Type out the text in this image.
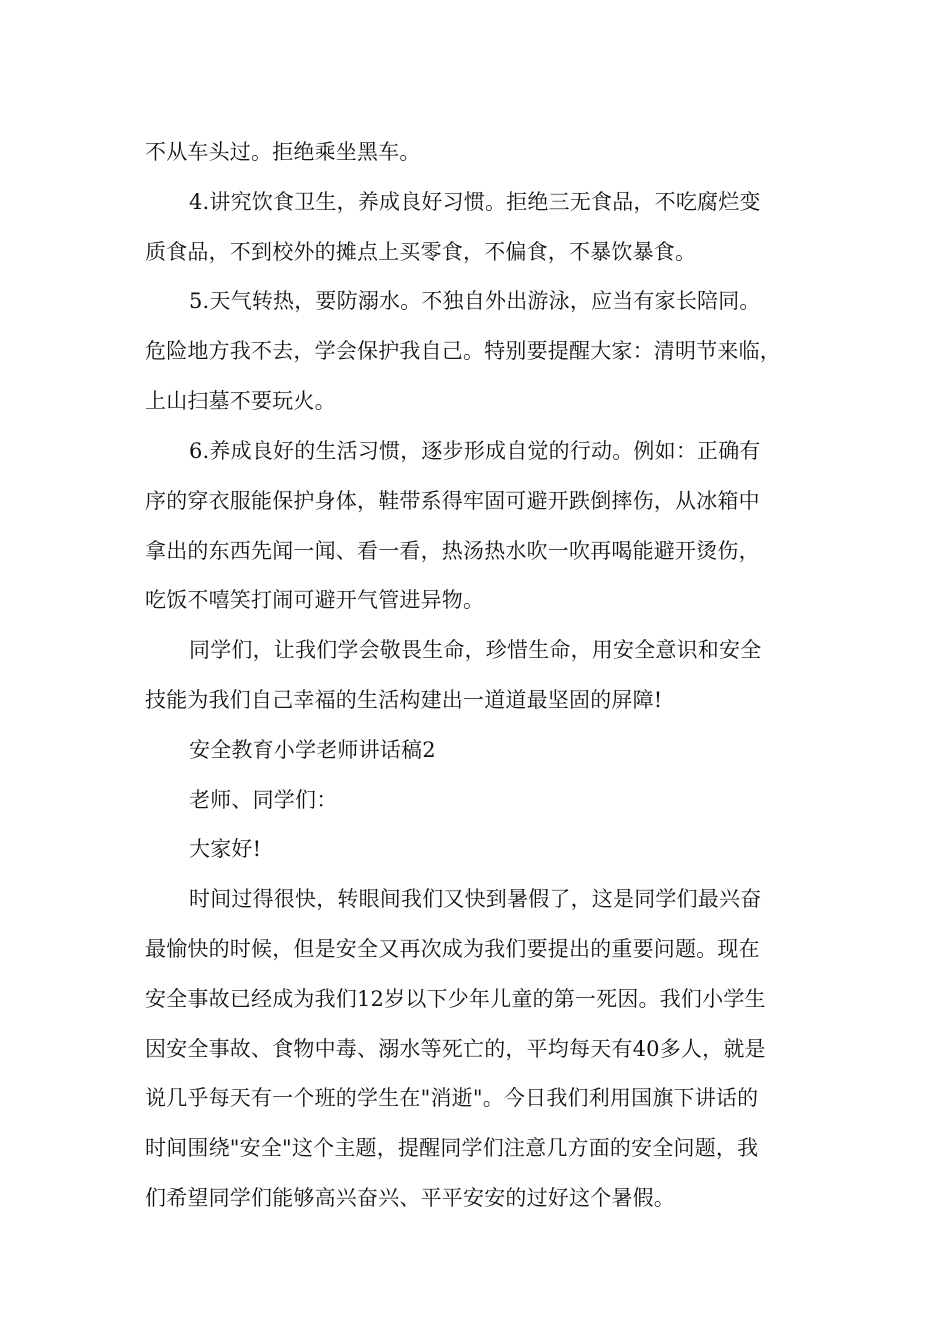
不从车头过。拒绝乘坐黑车。
4.讲究饮食卫生，养成良好习惯。拒绝三无食品，不吃腐烂变
质食品，不到校外的摊点上买零食，不偏食，不暴饮暴食。
5.天气转热，要防溺水。不独自外出游泳，应当有家长陪同。
危险地方我不去，学会保护我自己。特别要提醒大家：清明节来临，
上山扫墓不要玩火。
6.养成良好的生活习惯，逐步形成自觉的行动。例如：正确有
序的穿衣服能保护身体，鞋带系得牢固可避开跌倒摔伤，从冰箱中
拿出的东西先闻一闻、看一看，热汤热水吹一吹再喝能避开烫伤，
吃饭不嘻笑打闹可避开气管进异物。
同学们，让我们学会敬畏生命，珍惜生命，用安全意识和安全
技能为我们自己幸福的生活构建出一道道最坚固的屏障!
安全教育小学老师讲话稿2
老师、同学们：
大家好!
时间过得很快，转眼间我们又快到暑假了，这是同学们最兴奋
最愉快的时候，但是安全又再次成为我们要提出的重要问题。现在
安全事故已经成为我们12岁以下少年儿童的第一死因。我们小学生
因安全事故、食物中毒、溺水等死亡的，平均每天有40多人，就是
说几乎每天有一个班的学生在"消逝"。今日我们利用国旗下讲话的
时间围绕"安全"这个主题，提醒同学们注意几方面的安全问题，我
们希望同学们能够高兴奋兴、平平安安的过好这个暑假。
